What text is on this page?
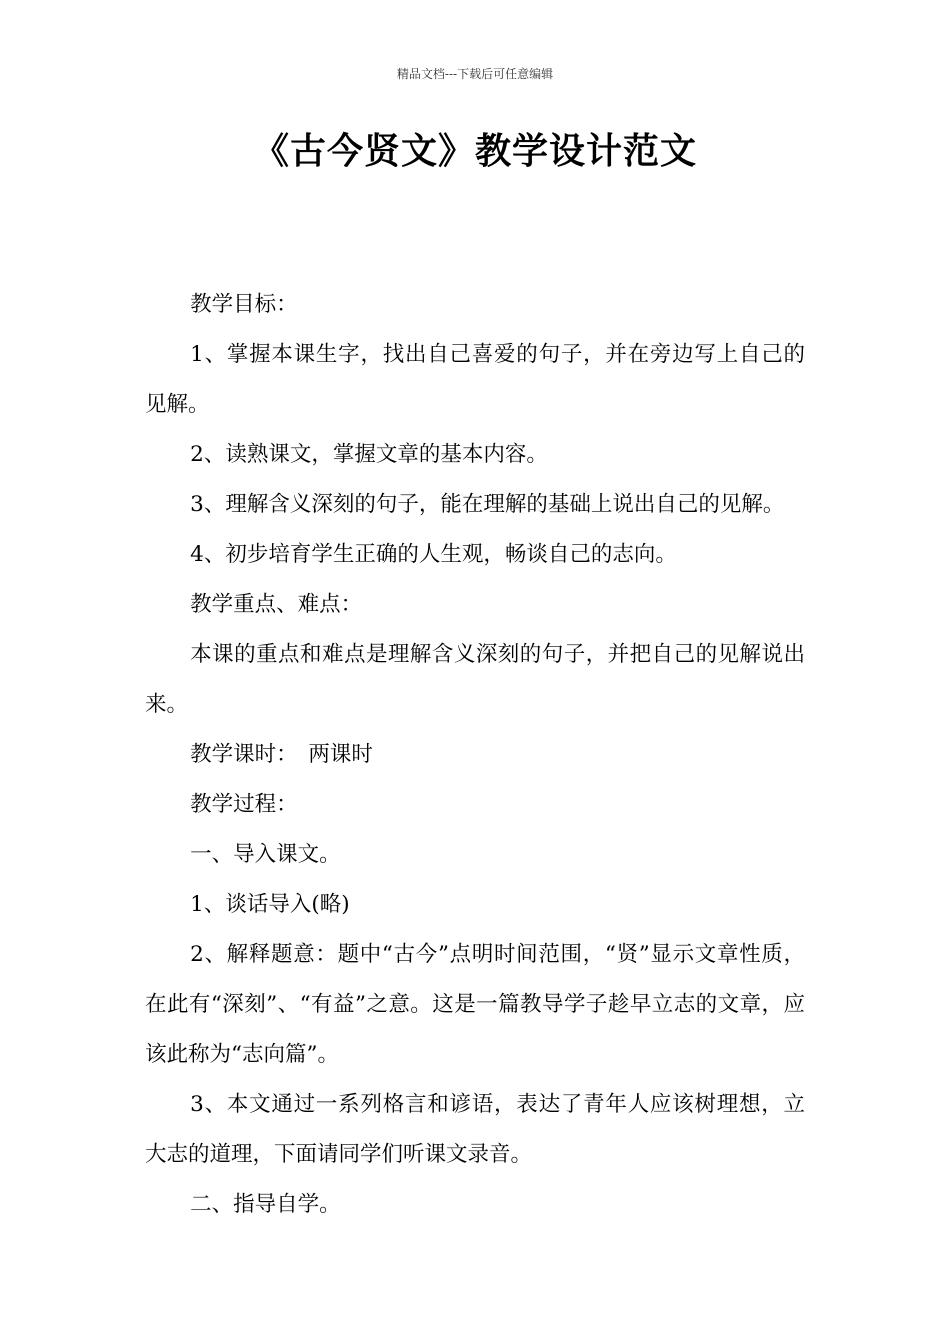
精品文档---下载后可任意编辑
《古今贤文》教学设计范文

教学目标：

1、掌握本课生字，找出自己喜爱的句子，并在旁边写上自己的见解。

2、读熟课文，掌握文章的基本内容。

3、理解含义深刻的句子，能在理解的基础上说出自己的见解。

4、初步培育学生正确的人生观，畅谈自己的志向。

教学重点、难点：

本课的重点和难点是理解含义深刻的句子，并把自己的见解说出来。

教学课时：　两课时

教学过程：

一、导入课文。

1、谈话导入(略)

2、解释题意：题中“古今”点明时间范围，“贤”显示文章性质，在此有“深刻”、“有益”之意。这是一篇教导学子趁早立志的文章，应该此称为“志向篇”。

3、本文通过一系列格言和谚语，表达了青年人应该树理想，立大志的道理，下面请同学们听课文录音。

二、指导自学。
